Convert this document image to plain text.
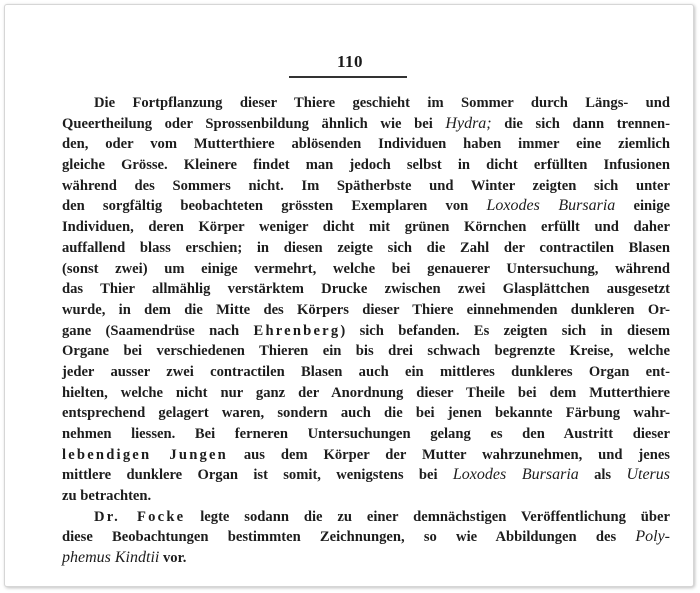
110
Die Fortpflanzung dieser Thiere geschieht im Sommer durch Längs- und
Queertheilung oder Sprossenbildung ähnlich wie bei Hydra; die sich dann trennen-
den, oder vom Mutterthiere ablösenden Individuen haben immer eine ziemlich
gleiche Grösse. Kleinere findet man jedoch selbst in dicht erfüllten Infusionen
während des Sommers nicht. Im Spätherbste und Winter zeigten sich unter
den sorgfältig beobachteten grössten Exemplaren von Loxodes Bursaria einige
Individuen, deren Körper weniger dicht mit grünen Körnchen erfüllt und daher
auffallend blass erschien; in diesen zeigte sich die Zahl der contractilen Blasen
(sonst zwei) um einige vermehrt, welche bei genauerer Untersuchung, während
das Thier allmählig verstärktem Drucke zwischen zwei Glasplättchen ausgesetzt
wurde, in dem die Mitte des Körpers dieser Thiere einnehmenden dunkleren Or-
gane (Saamendrüse nach Ehrenberg) sich befanden. Es zeigten sich in diesem
Organe bei verschiedenen Thieren ein bis drei schwach begrenzte Kreise, welche
jeder ausser zwei contractilen Blasen auch ein mittleres dunkleres Organ ent-
hielten, welche nicht nur ganz der Anordnung dieser Theile bei dem Mutterthiere
entsprechend gelagert waren, sondern auch die bei jenen bekannte Färbung wahr-
nehmen liessen. Bei ferneren Untersuchungen gelang es den Austritt dieser
lebendigen Jungen aus dem Körper der Mutter wahrzunehmen, und jenes
mittlere dunklere Organ ist somit, wenigstens bei Loxodes Bursaria als Uterus
zu betrachten.
Dr. Focke legte sodann die zu einer demnächstigen Veröffentlichung über
diese Beobachtungen bestimmten Zeichnungen, so wie Abbildungen des Poly-
phemus Kindtii vor.
